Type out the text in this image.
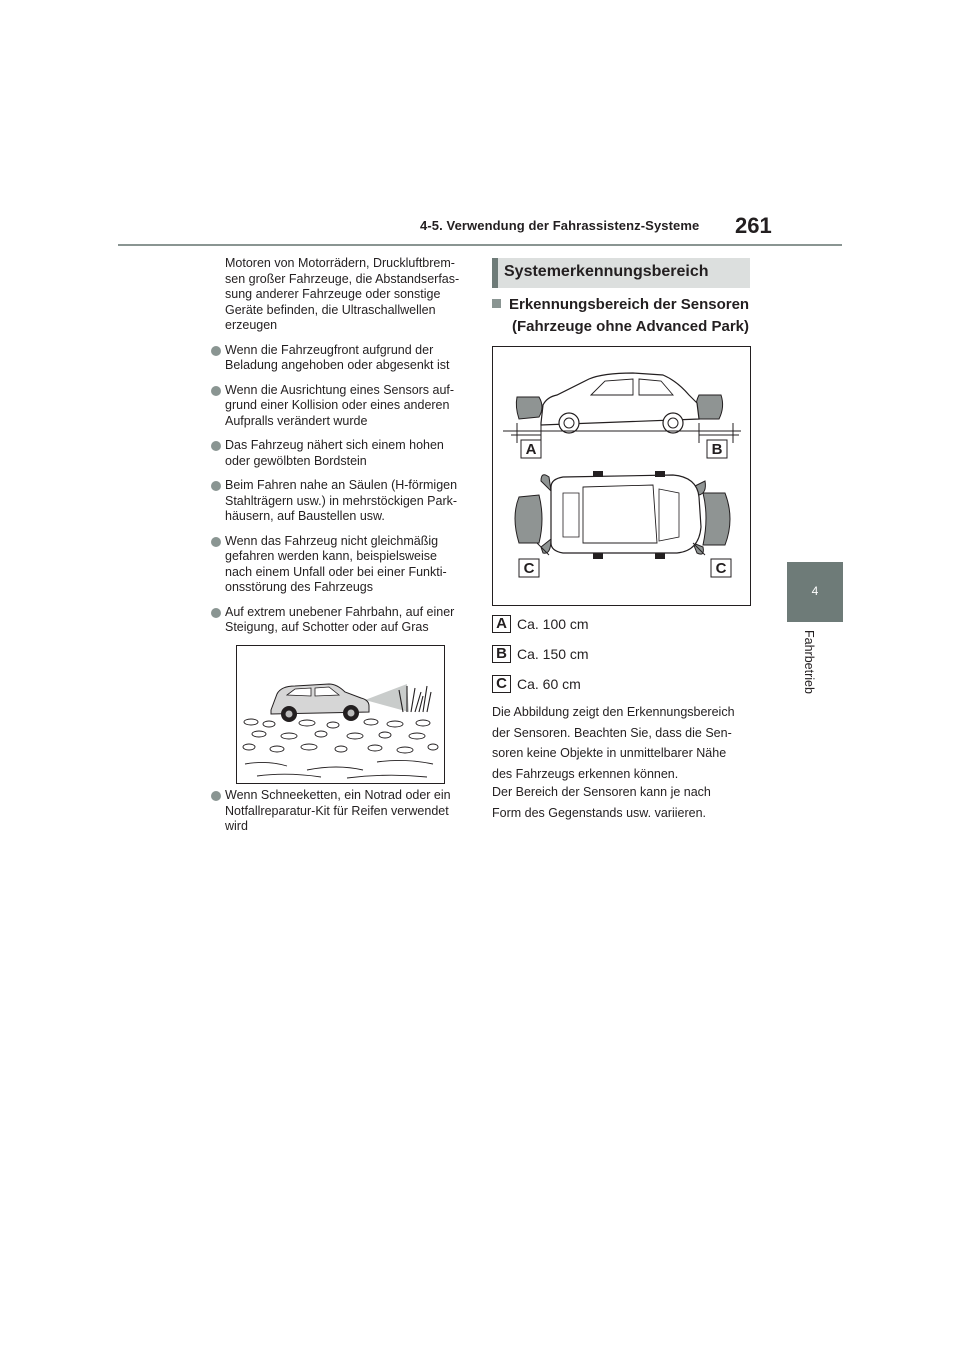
4-5. Verwendung der Fahrassistenz-Systeme 261
4
Fahrbetrieb

Motoren von Motorrädern, Druckluftbrem-

sen großer Fahrzeuge, die Abstandserfas-

sung anderer Fahrzeuge oder sonstige

Geräte befinden, die Ultraschallwellen

erzeugen

Wenn die Fahrzeugfront aufgrund der

Beladung angehoben oder abgesenkt ist

Wenn die Ausrichtung eines Sensors auf-

grund einer Kollision oder eines anderen

Aufpralls verändert wurde

Das Fahrzeug nähert sich einem hohen

oder gewölbten Bordstein

Beim Fahren nahe an Säulen (H-förmigen

Stahlträgern usw.) in mehrstöckigen Park-

häusern, auf Baustellen usw.

Wenn das Fahrzeug nicht gleichmäßig

gefahren werden kann, beispielsweise

nach einem Unfall oder bei einer Funkti-

onsstörung des Fahrzeugs

Auf extrem unebener Fahrbahn, auf einer

Steigung, auf Schotter oder auf Gras

Wenn Schneeketten, ein Notrad oder ein

Notfallreparatur-Kit für Reifen verwendet

wird

Systemerkennungsbereich
Erkennungsbereich der Sensoren
(Fahrzeuge ohne Advanced Park)
A	B
C	C
A Ca. 100 cm
B Ca. 150 cm
C Ca. 60 cm
Die Abbildung zeigt den Erkennungsbereich
der Sensoren. Beachten Sie, dass die Sen-
soren keine Objekte in unmittelbarer Nähe
des Fahrzeugs erkennen können.
Der Bereich der Sensoren kann je nach
Form des Gegenstands usw. variieren.
